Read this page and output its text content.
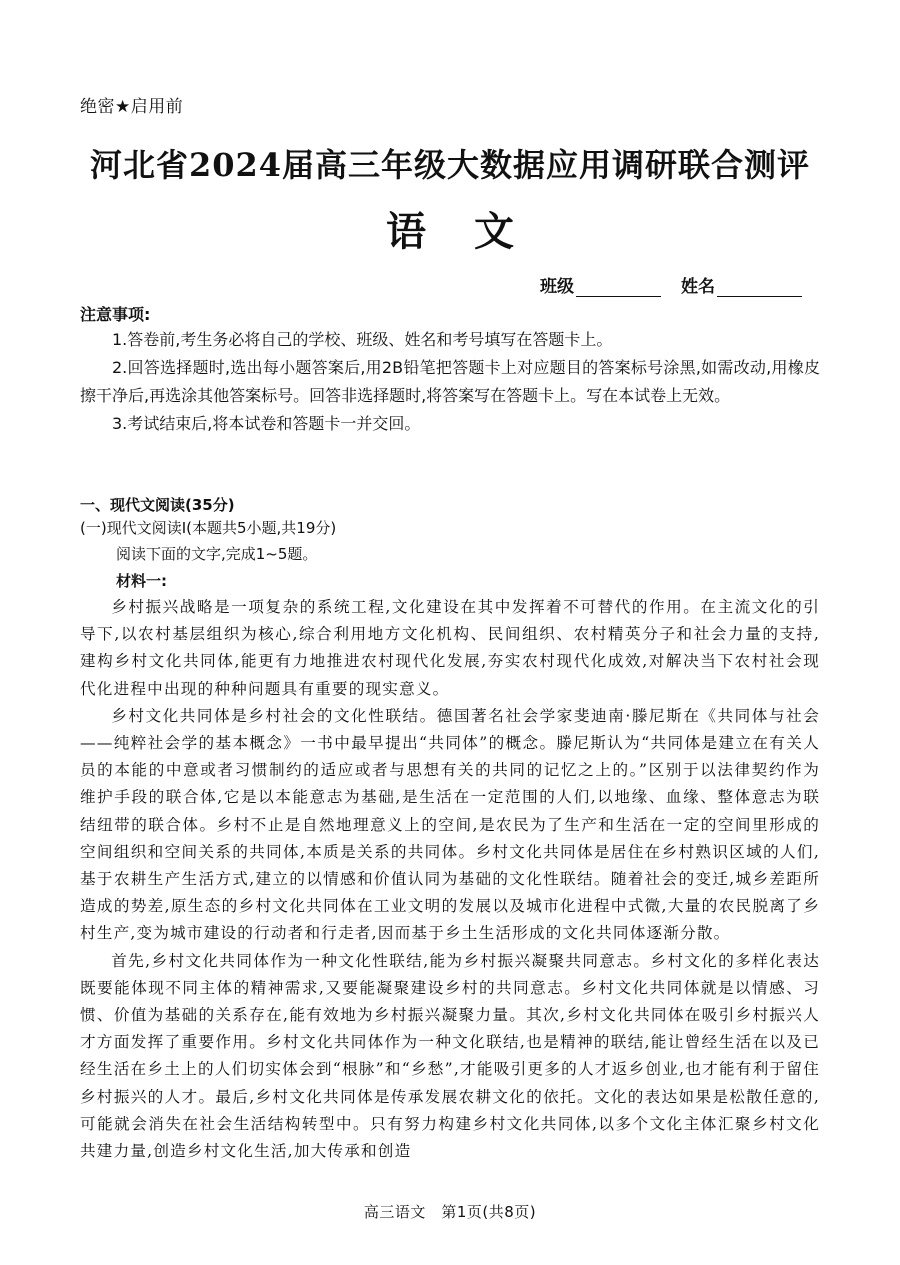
绝密★启用前
河北省2024届高三年级大数据应用调研联合测评
语文
班级	姓名
注意事项:

1.答卷前,考生务必将自己的学校、班级、姓名和考号填写在答题卡上。

2.回答选择题时,选出每小题答案后,用2B铅笔把答题卡上对应题目的答案标号涂黑,如需改动,用橡皮擦干净后,再选涂其他答案标号。回答非选择题时,将答案写在答题卡上。写在本试卷上无效。

3.考试结束后,将本试卷和答题卡一并交回。

一、现代文阅读(35分)
(一)现代文阅读Ⅰ(本题共5小题,共19分)
阅读下面的文字,完成1~5题。
材料一:

乡村振兴战略是一项复杂的系统工程,文化建设在其中发挥着不可替代的作用。在主流文化的引导下,以农村基层组织为核心,综合利用地方文化机构、民间组织、农村精英分子和社会力量的支持,建构乡村文化共同体,能更有力地推进农村现代化发展,夯实农村现代化成效,对解决当下农村社会现代化进程中出现的种种问题具有重要的现实意义。

乡村文化共同体是乡村社会的文化性联结。德国著名社会学家斐迪南·滕尼斯在《共同体与社会——纯粹社会学的基本概念》一书中最早提出“共同体”的概念。滕尼斯认为“共同体是建立在有关人员的本能的中意或者习惯制约的适应或者与思想有关的共同的记忆之上的。”区别于以法律契约作为维护手段的联合体,它是以本能意志为基础,是生活在一定范围的人们,以地缘、血缘、整体意志为联结纽带的联合体。乡村不止是自然地理意义上的空间,是农民为了生产和生活在一定的空间里形成的空间组织和空间关系的共同体,本质是关系的共同体。乡村文化共同体是居住在乡村熟识区域的人们,基于农耕生产生活方式,建立的以情感和价值认同为基础的文化性联结。随着社会的变迁,城乡差距所造成的势差,原生态的乡村文化共同体在工业文明的发展以及城市化进程中式微,大量的农民脱离了乡村生产,变为城市建设的行动者和行走者,因而基于乡土生活形成的文化共同体逐渐分散。

首先,乡村文化共同体作为一种文化性联结,能为乡村振兴凝聚共同意志。乡村文化的多样化表达既要能体现不同主体的精神需求,又要能凝聚建设乡村的共同意志。乡村文化共同体就是以情感、习惯、价值为基础的关系存在,能有效地为乡村振兴凝聚力量。其次,乡村文化共同体在吸引乡村振兴人才方面发挥了重要作用。乡村文化共同体作为一种文化联结,也是精神的联结,能让曾经生活在以及已经生活在乡土上的人们切实体会到“根脉”和“乡愁”,才能吸引更多的人才返乡创业,也才能有利于留住乡村振兴的人才。最后,乡村文化共同体是传承发展农耕文化的依托。文化的表达如果是松散任意的,可能就会消失在社会生活结构转型中。只有努力构建乡村文化共同体,以多个文化主体汇聚乡村文化共建力量,创造乡村文化生活,加大传承和创造

高三语文　第1页(共8页)
